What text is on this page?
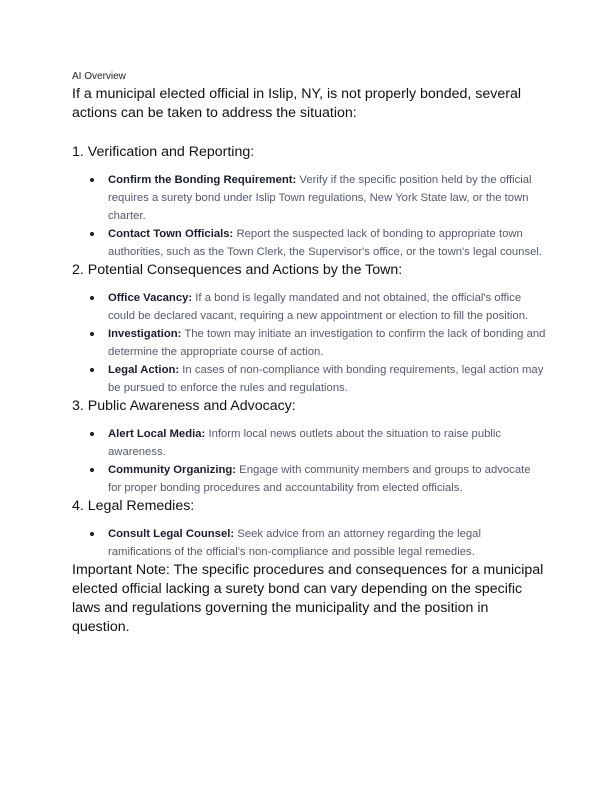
AI Overview
If a municipal elected official in Islip, NY, is not properly bonded, several actions can be taken to address the situation:
1. Verification and Reporting:
Confirm the Bonding Requirement: Verify if the specific position held by the official requires a surety bond under Islip Town regulations, New York State law, or the town charter.
Contact Town Officials: Report the suspected lack of bonding to appropriate town authorities, such as the Town Clerk, the Supervisor's office, or the town's legal counsel.
2. Potential Consequences and Actions by the Town:
Office Vacancy: If a bond is legally mandated and not obtained, the official's office could be declared vacant, requiring a new appointment or election to fill the position.
Investigation: The town may initiate an investigation to confirm the lack of bonding and determine the appropriate course of action.
Legal Action: In cases of non-compliance with bonding requirements, legal action may be pursued to enforce the rules and regulations.
3. Public Awareness and Advocacy:
Alert Local Media: Inform local news outlets about the situation to raise public awareness.
Community Organizing: Engage with community members and groups to advocate for proper bonding procedures and accountability from elected officials.
4. Legal Remedies:
Consult Legal Counsel: Seek advice from an attorney regarding the legal ramifications of the official's non-compliance and possible legal remedies.
Important Note: The specific procedures and consequences for a municipal elected official lacking a surety bond can vary depending on the specific laws and regulations governing the municipality and the position in question.
